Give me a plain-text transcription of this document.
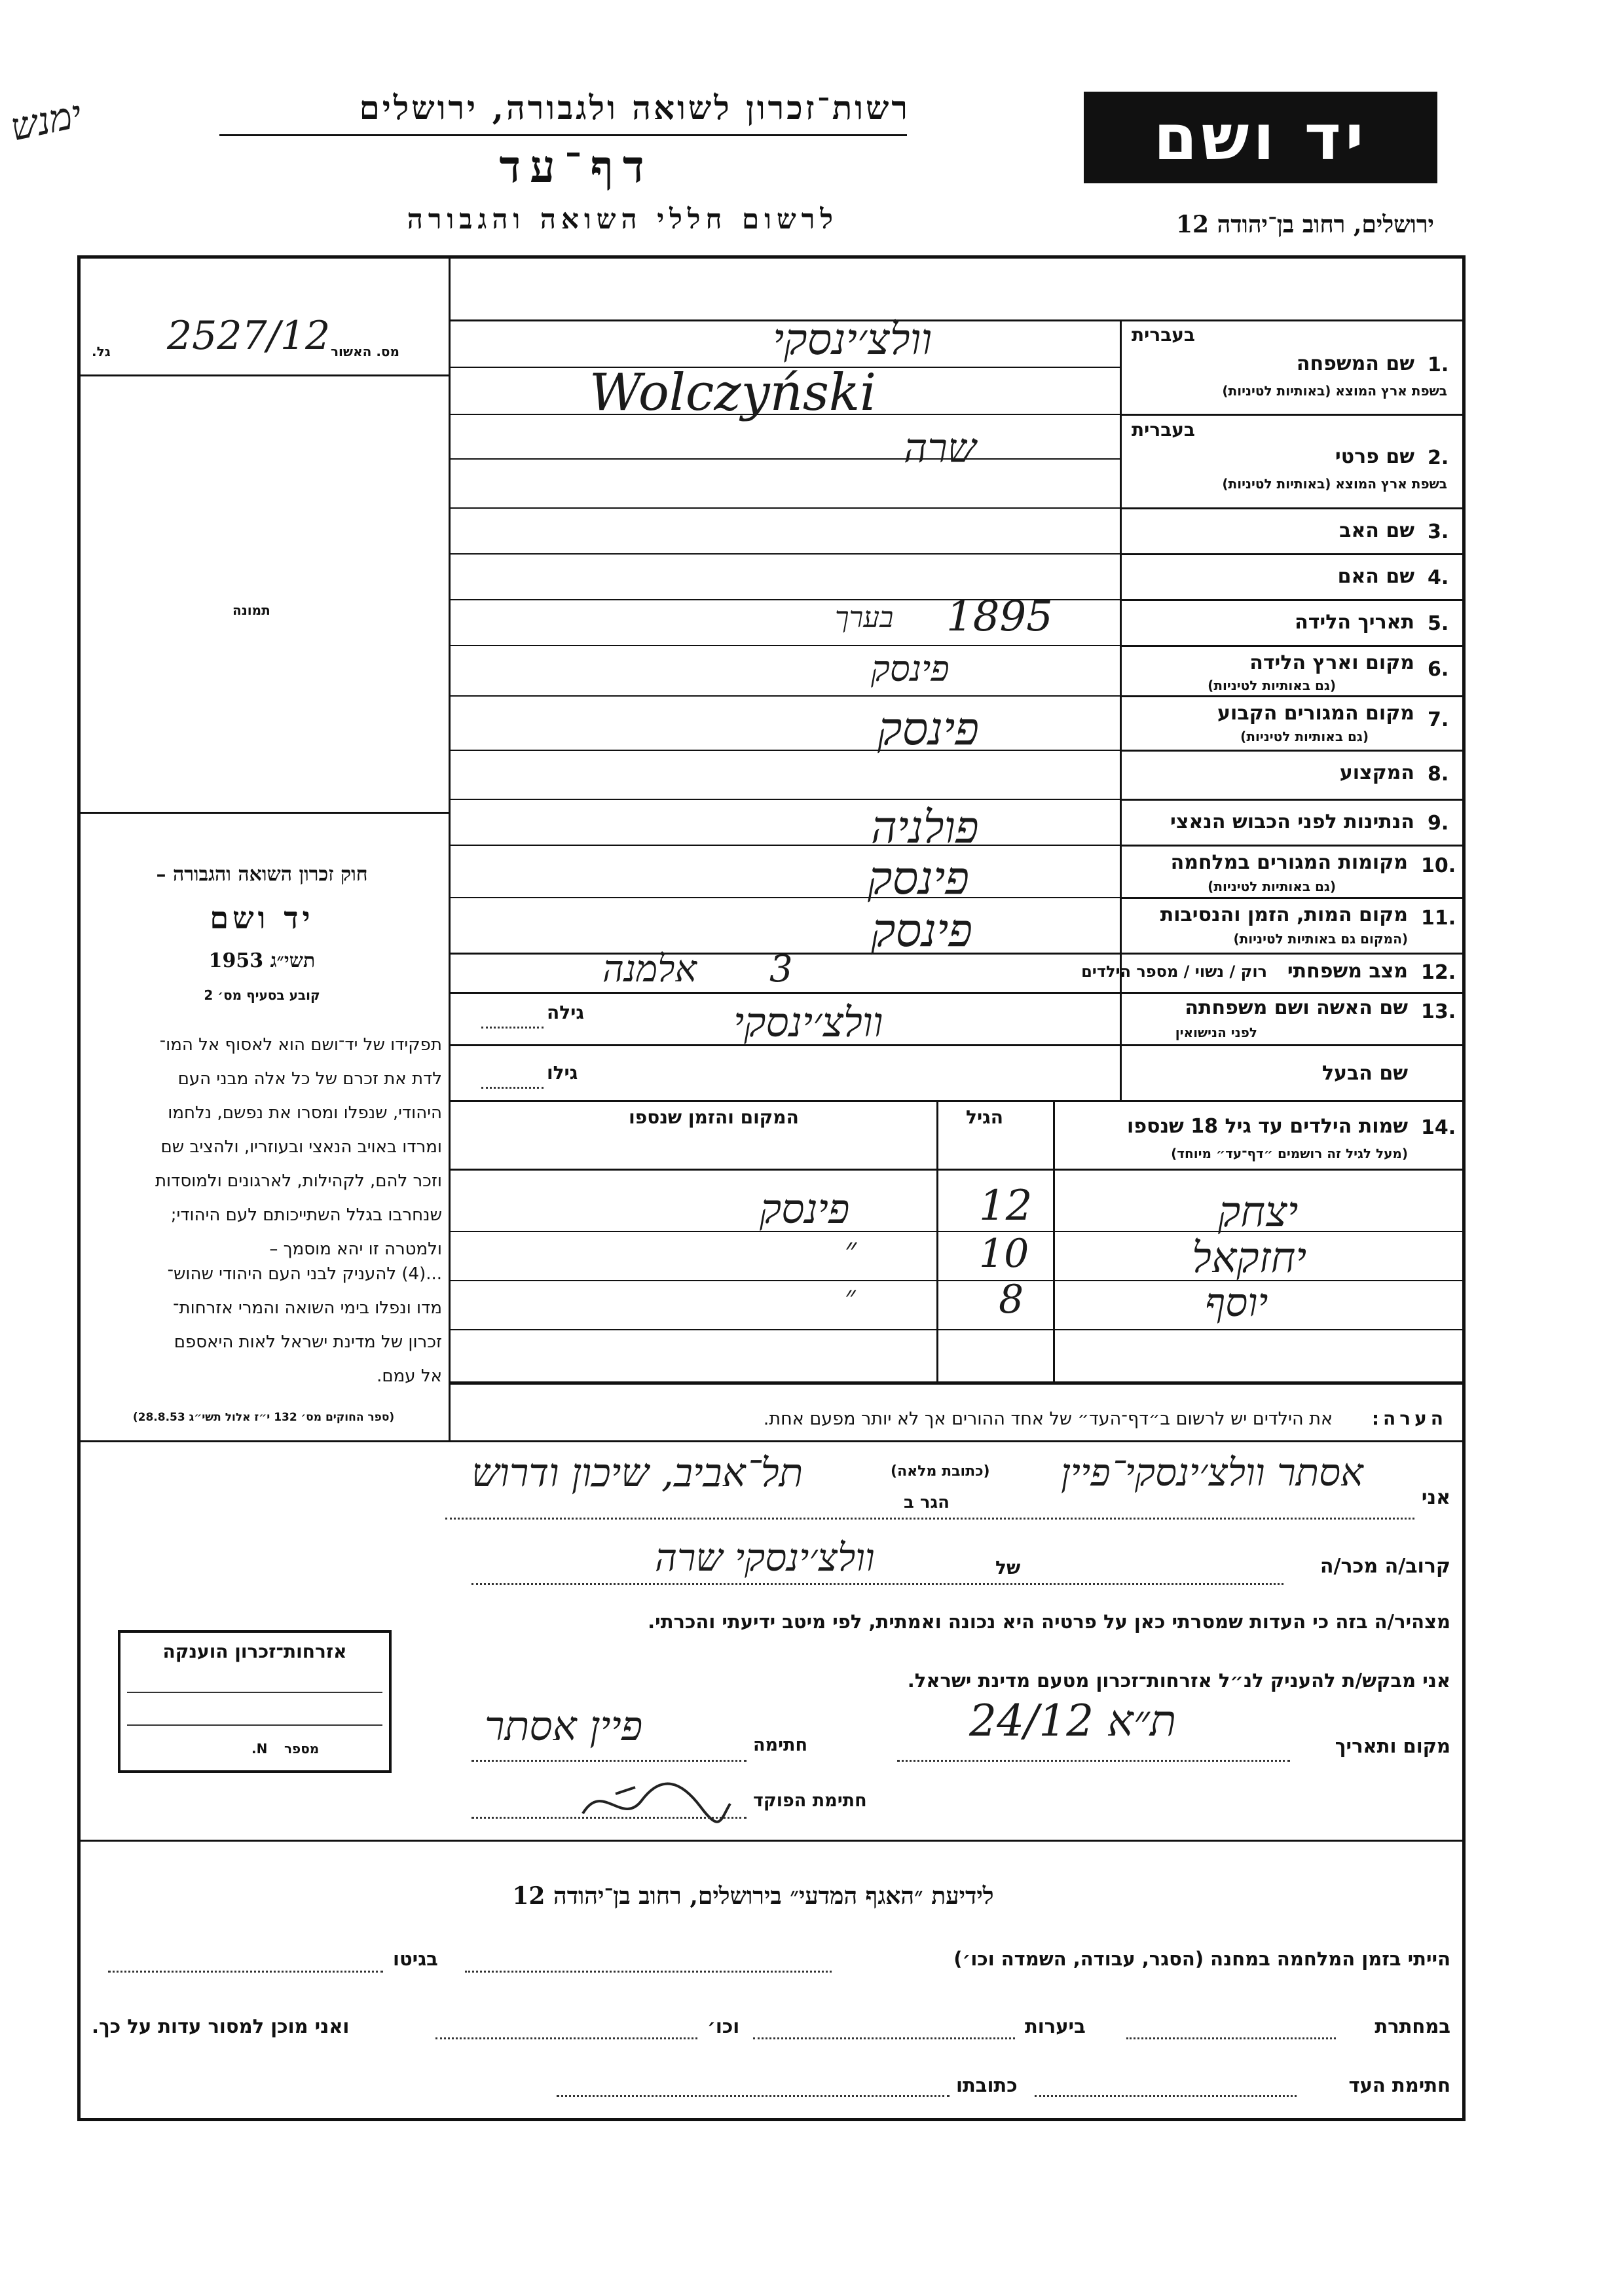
ימנש	רשות־זכרון לשואה ולגבורה, ירושלים
דף־עד
לרשום חללי השואה והגבורה
יד ושם
ירושלים, רחוב בן־יהודה 12
מס. האשור
גל. 2527/12
תמונה
חוק זכרון השואה והגבורה –
יד ושם
תשי״ג 1953
קובע בסעיף מס׳ 2
תפקידו של יד־ושם הוא לאסוף אל המו־
לדת את זכרם של כל אלה מבני העם
היהודי, שנפלו ומסרו את נפשם, נלחמו
ומרדו באויב הנאצי ובעוזריו, ולהציב שם
וזכר להם, לקהילות, לארגונים ולמוסדות
שנחרבו בגלל השתייכותם לעם היהודי;
ולמטרה זו יהא מוסמך –
...(4) להעניק לבני העם היהודי שהוש־
מדו ונפלו בימי השואה והמרי אזרחות־
זכרון של מדינת ישראל לאות היאספם
אל עמם.
(ספר החוקים מס׳ 132 י״ז אלול תשי״ג 28.8.53)
בעברית
1.
שם המשפחה
בשפת ארץ המוצא (באותיות לטיניות)
בעברית
2.
שם פרטי
בשפת ארץ המוצא (באותיות לטיניות)
3.
שם האב
4.
שם האם
5.
תאריך הלידה
6.
מקום וארץ הלידה
(גם באותיות לטיניות)
7.
מקום המגורים הקבוע
(גם באותיות לטיניות)
8.
המקצוע
9.
הנתינות לפני הכבוש הנאצי
10.
מקומות המגורים במלחמה
(גם באותיות לטיניות)
11.
מקום המות, הזמן והנסיבות
(המקום גם באותיות לטיניות)
12.
מצב משפחתי
רוק / נשוי / מספר הילדים
13.
שם האשה ושם משפחתה
לפני הנישואין
גילה
שם הבעל
גילו
וולצ׳ינסקי
Wolczyński
שרה
1895
בערך
פינסק
פינסק
פולניה
פינסק
פינסק
3
אלמנה
וולצ׳ינסקי
14.
שמות הילדים עד גיל 18 שנספו
(מעל לגיל זה רושמים ״דף־עד״ מיוחד)
הגיל
המקום והזמן שנספו
יצחק
12
פינסק
יחזקאל
10
״
יוסף
8
״
הערה:
את הילדים יש לרשום ב״דף־העד״ של אחד ההורים אך לא יותר מפעם אחת.
אני
אסתר וולצ׳ינסקי־פיין
הגר ב
(כתובת מלאה)
תל־אביב, שיכון ודרוש
קרוב/ה מכר/ה
של
וולצ׳ינסקי שרה
מצהיר/ה בזה כי העדות שמסרתי כאן על פרטיה היא נכונה ואמתית, לפי מיטב ידיעתי והכרתי.
אני מבקש/ת להעניק לנ״ל אזרחות־זכרון מטעם מדינת ישראל.
מקום ותאריך
ת״א 24/12
חתימה
פיין אסתר
חתימת הפוקד
אזרחות־זכרון הוענקה
מספר
.N
לידיעת ״האגף המדעי״ בירושלים, רחוב בן־יהודה 12
הייתי בזמן המלחמה במחנה (הסגר, עבודה, השמדה וכו׳)
בגיטו
במחתרת
ביערות
וכו׳
ואני מוכן למסור עדות על כך.
חתימת העד
כתובתו
